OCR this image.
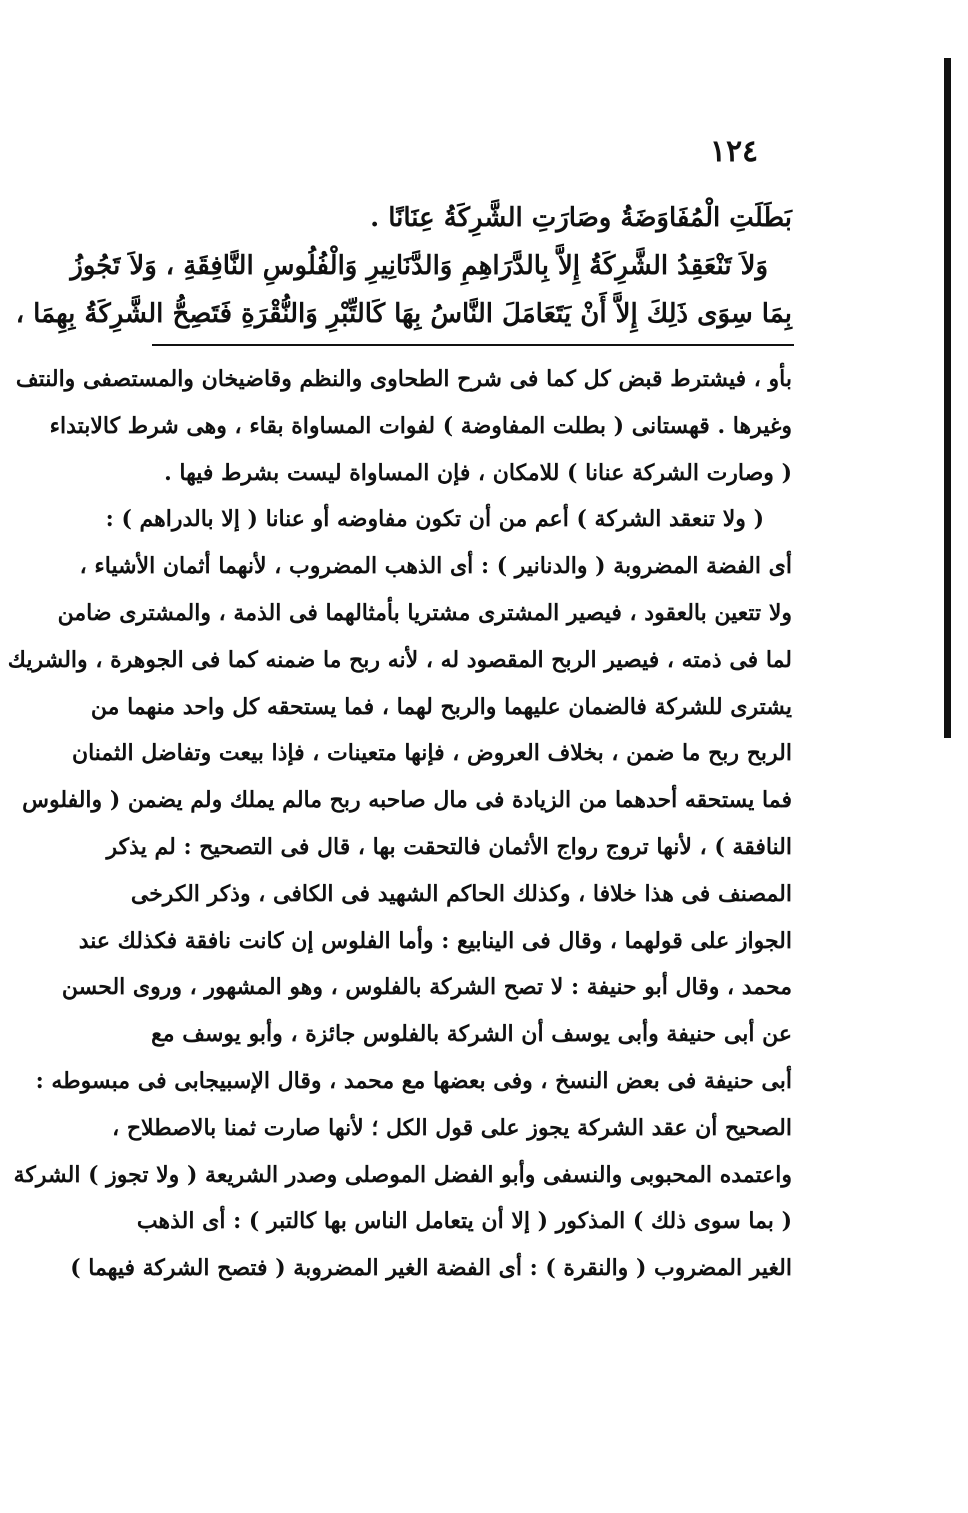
١٢٤
بَطَلَتِ الْمُفَاوَضَةُ وصَارَتِ الشَّرِكَةُ عِنَانًا .
وَلاَ تَنْعَقِدُ الشَّرِكَةُ إِلاَّ بِالدَّرَاهِمِ وَالدَّنَانِيرِ وَالْفُلُوسِ النَّافِقَةِ ، وَلاَ تَجُوزُ
بِمَا سِوَى ذَلِكَ إِلاَّ أَنْ يَتَعَامَلَ النَّاسُ بِهَا كَالتِّبْرِ وَالنُّقْرَةِ فَتَصِحُّ الشَّرِكَةُ بِهِمَا ،
بأو ، فيشترط قبض كل كما فى شرح الطحاوى والنظم وقاضيخان والمستصفى والنتف
وغيرها . قهستانى ( بطلت المفاوضة ) لفوات المساواة بقاء ، وهى شرط كالابتداء
( وصارت الشركة عنانا ) للامكان ، فإن المساواة ليست بشرط فيها .
( ولا تنعقد الشركة ) أعم من أن تكون مفاوضه أو عنانا ( إلا بالدراهم ) :
أى الفضة المضروبة ( والدنانير ) : أى الذهب المضروب ، لأنهما أثمان الأشياء ،
ولا تتعين بالعقود ، فيصير المشترى مشتريا بأمثالهما فى الذمة ، والمشترى ضامن
لما فى ذمته ، فيصير الربح المقصود له ، لأنه ربح ما ضمنه كما فى الجوهرة ، والشريك
يشترى للشركة فالضمان عليهما والربح لهما ، فما يستحقه كل واحد منهما من
الربح ربح ما ضمن ، بخلاف العروض ، فإنها متعينات ، فإذا بيعت وتفاضل الثمنان
فما يستحقه أحدهما من الزيادة فى مال صاحبه ربح مالم يملك ولم يضمن ( والفلوس
النافقة ) ، لأنها تروج رواج الأثمان فالتحقت بها ، قال فى التصحيح : لم يذكر
المصنف فى هذا خلافا ، وكذلك الحاكم الشهيد فى الكافى ، وذكر الكرخى
الجواز على قولهما ، وقال فى الينابيع : وأما الفلوس إن كانت نافقة فكذلك عند
محمد ، وقال أبو حنيفة : لا تصح الشركة بالفلوس ، وهو المشهور ، وروى الحسن
عن أبى حنيفة وأبى يوسف أن الشركة بالفلوس جائزة ، وأبو يوسف مع
أبى حنيفة فى بعض النسخ ، وفى بعضها مع محمد ، وقال الإسبيجابى فى مبسوطه :
الصحيح أن عقد الشركة يجوز على قول الكل ؛ لأنها صارت ثمنا بالاصطلاح ،
واعتمده المحبوبى والنسفى وأبو الفضل الموصلى وصدر الشريعة ( ولا تجوز ) الشركة
( بما سوى ذلك ) المذكور ( إلا أن يتعامل الناس بها كالتبر ) : أى الذهب
الغير المضروب ( والنقرة ) : أى الفضة الغير المضروبة ( فتصح الشركة فيهما )
